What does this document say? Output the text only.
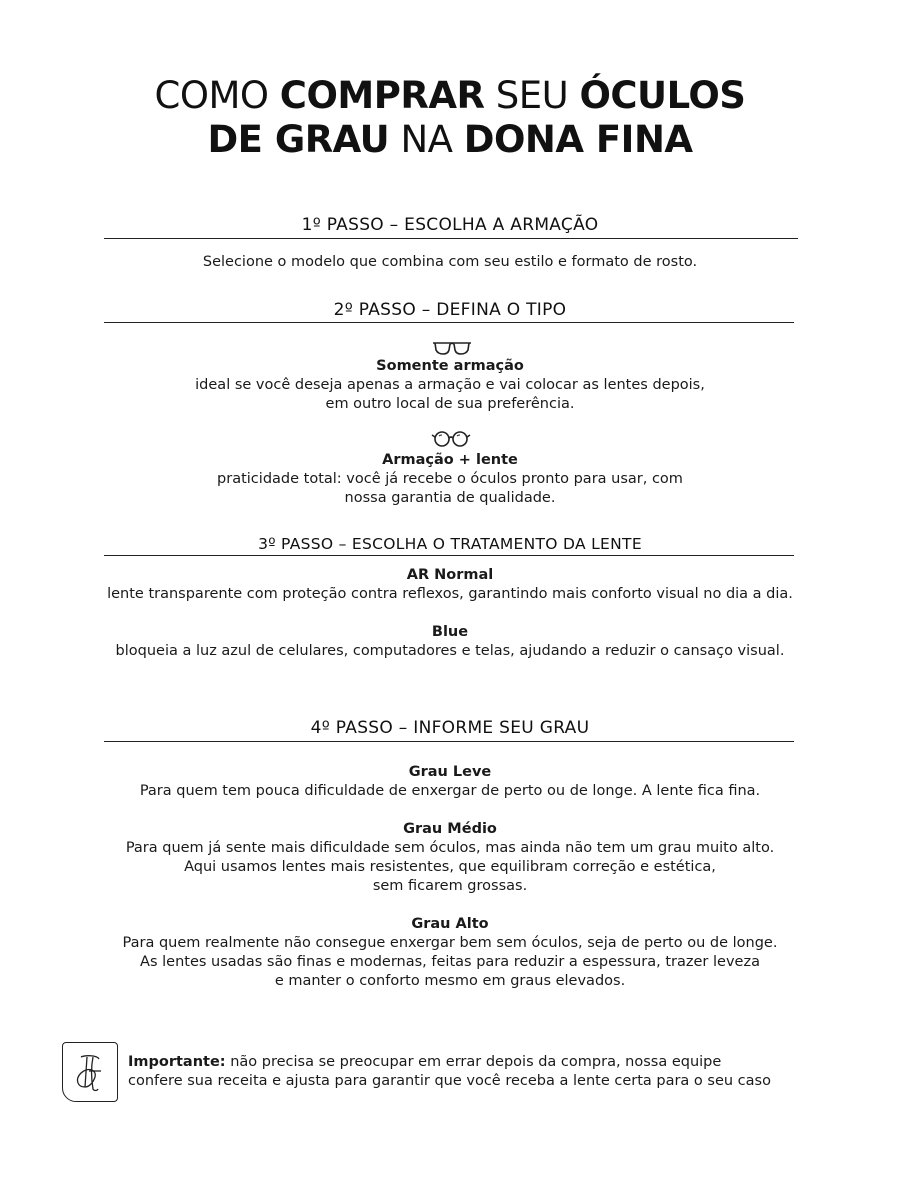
COMO COMPRAR SEU ÓCULOS
DE GRAU NA DONA FINA
1º PASSO – ESCOLHA A ARMAÇÃO
Selecione o modelo que combina com seu estilo e formato de rosto.
2º PASSO – DEFINA O TIPO
Somente armação
ideal se você deseja apenas a armação e vai colocar as lentes depois,
em outro local de sua preferência.
Armação + lente
praticidade total: você já recebe o óculos pronto para usar, com
nossa garantia de qualidade.
3º PASSO – ESCOLHA O TRATAMENTO DA LENTE
AR Normal
lente transparente com proteção contra reflexos, garantindo mais conforto visual no dia a dia.
Blue
bloqueia a luz azul de celulares, computadores e telas, ajudando a reduzir o cansaço visual.
4º PASSO – INFORME SEU GRAU
Grau Leve
Para quem tem pouca dificuldade de enxergar de perto ou de longe. A lente fica fina.
Grau Médio
Para quem já sente mais dificuldade sem óculos, mas ainda não tem um grau muito alto.
Aqui usamos lentes mais resistentes, que equilibram correção e estética,
sem ficarem grossas.
Grau Alto
Para quem realmente não consegue enxergar bem sem óculos, seja de perto ou de longe.
As lentes usadas são finas e modernas, feitas para reduzir a espessura, trazer leveza
e manter o conforto mesmo em graus elevados.
Importante: não precisa se preocupar em errar depois da compra, nossa equipe
confere sua receita e ajusta para garantir que você receba a lente certa para o seu caso
